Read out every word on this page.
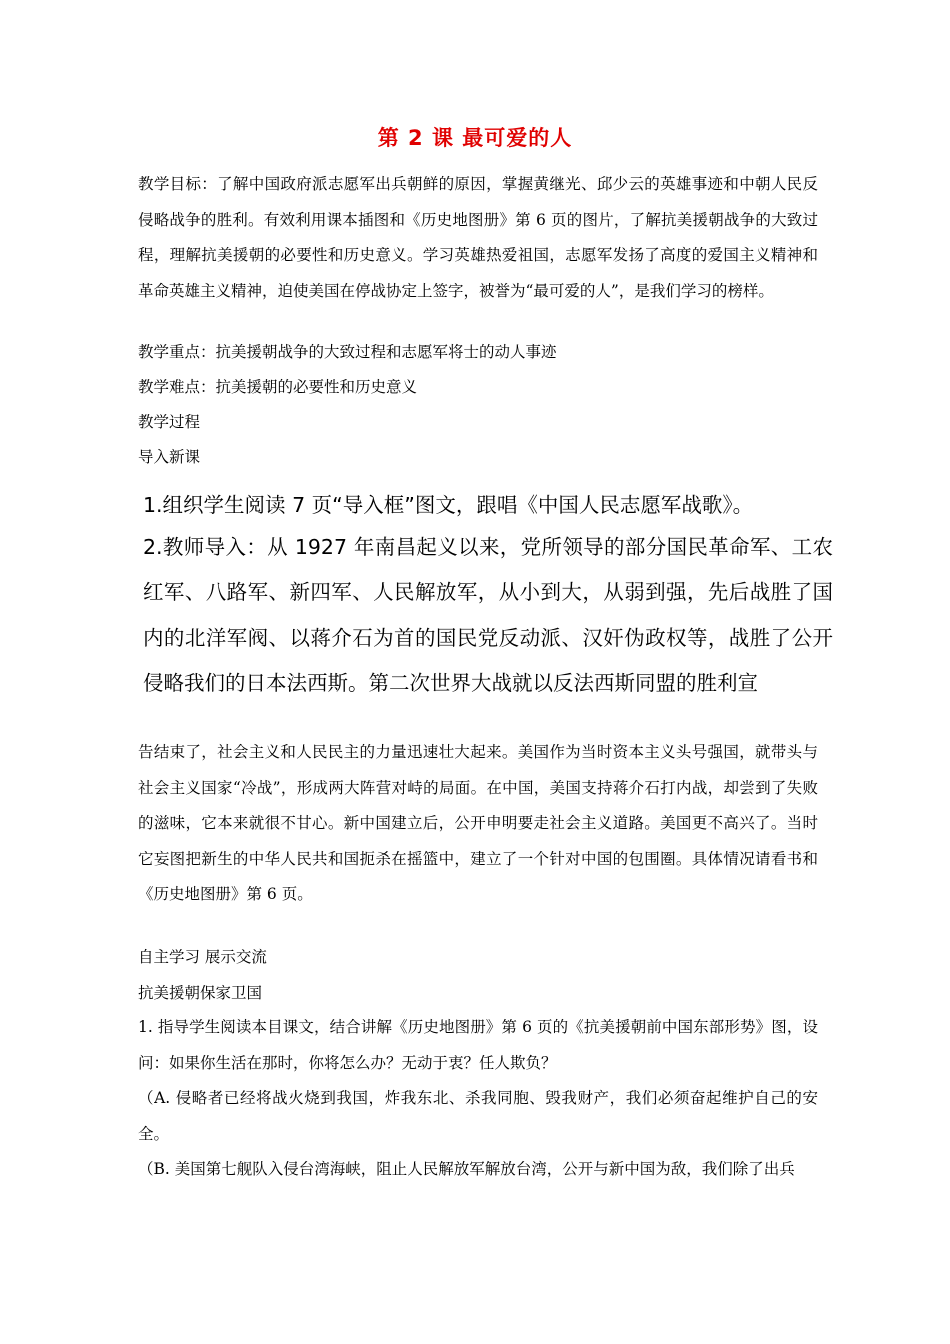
第 2 课 最可爱的人
教学目标：了解中国政府派志愿军出兵朝鲜的原因，掌握黄继光、邱少云的英雄事迹和中朝人民反侵略战争的胜利。有效利用课本插图和《历史地图册》第 6 页的图片，了解抗美援朝战争的大致过程，理解抗美援朝的必要性和历史意义。学习英雄热爱祖国，志愿军发扬了高度的爱国主义精神和革命英雄主义精神，迫使美国在停战协定上签字，被誉为“最可爱的人”，是我们学习的榜样。
教学重点：抗美援朝战争的大致过程和志愿军将士的动人事迹
教学难点：抗美援朝的必要性和历史意义
教学过程
导入新课
1.组织学生阅读 7 页“导入框”图文，跟唱《中国人民志愿军战歌》。
2.教师导入：从 1927 年南昌起义以来，党所领导的部分国民革命军、工农红军、八路军、新四军、人民解放军，从小到大，从弱到强，先后战胜了国内的北洋军阀、以蒋介石为首的国民党反动派、汉奸伪政权等，战胜了公开侵略我们的日本法西斯。第二次世界大战就以反法西斯同盟的胜利宣
告结束了，社会主义和人民民主的力量迅速壮大起来。美国作为当时资本主义头号强国，就带头与社会主义国家“冷战”，形成两大阵营对峙的局面。在中国，美国支持蒋介石打内战，却尝到了失败的滋味，它本来就很不甘心。新中国建立后，公开申明要走社会主义道路。美国更不高兴了。当时它妄图把新生的中华人民共和国扼杀在摇篮中，建立了一个针对中国的包围圈。具体情况请看书和《历史地图册》第 6 页。
自主学习 展示交流
抗美援朝保家卫国
1. 指导学生阅读本目课文，结合讲解《历史地图册》第 6 页的《抗美援朝前中国东部形势》图，设问：如果你生活在那时，你将怎么办？无动于衷？任人欺负？
（A. 侵略者已经将战火烧到我国，炸我东北、杀我同胞、毁我财产，我们必须奋起维护自己的安全。
（B. 美国第七舰队入侵台湾海峡，阻止人民解放军解放台湾，公开与新中国为敌，我们除了出兵
